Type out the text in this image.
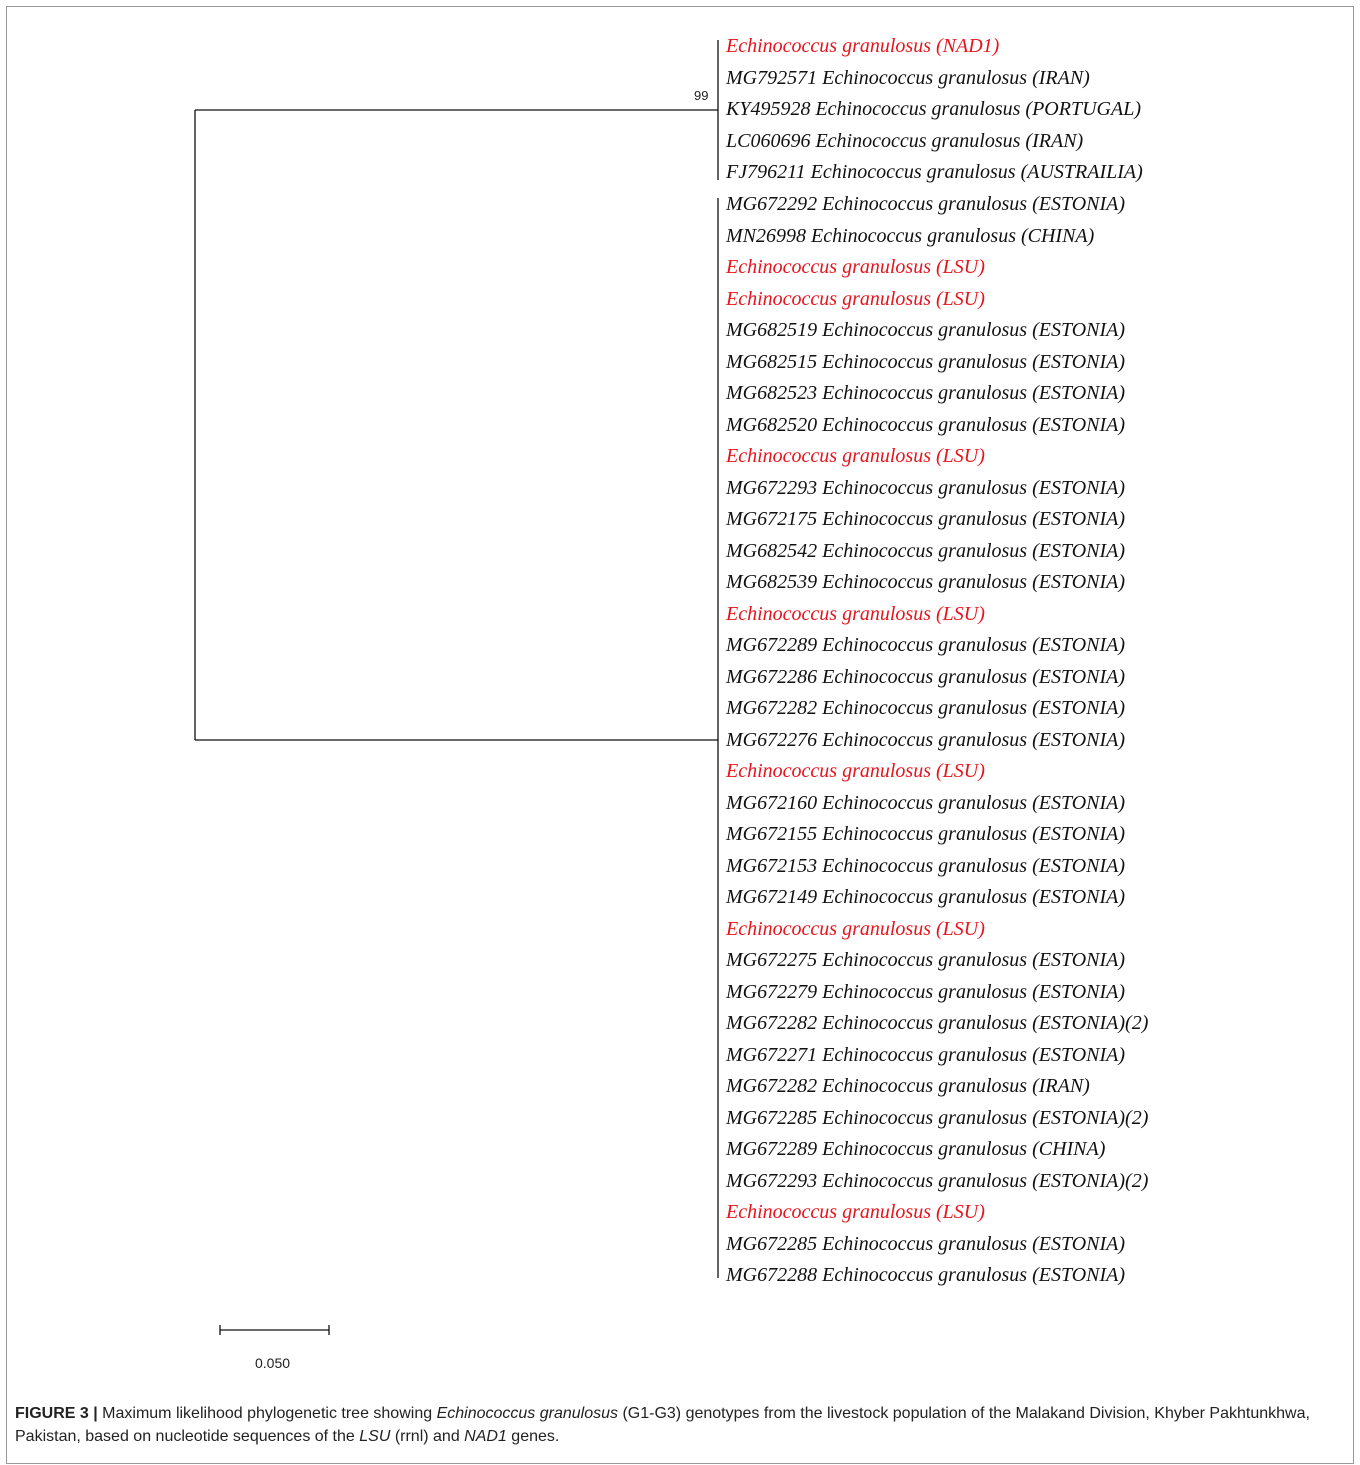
99
Echinococcus granulosus (NAD1)
MG792571 Echinococcus granulosus (IRAN)
KY495928 Echinococcus granulosus (PORTUGAL)
LC060696 Echinococcus granulosus (IRAN)
FJ796211 Echinococcus granulosus (AUSTRAILIA)
MG672292 Echinococcus granulosus (ESTONIA)
MN26998 Echinococcus granulosus (CHINA)
Echinococcus granulosus (LSU)
Echinococcus granulosus (LSU)
MG682519 Echinococcus granulosus (ESTONIA)
MG682515 Echinococcus granulosus (ESTONIA)
MG682523 Echinococcus granulosus (ESTONIA)
MG682520 Echinococcus granulosus (ESTONIA)
Echinococcus granulosus (LSU)
MG672293 Echinococcus granulosus (ESTONIA)
MG672175 Echinococcus granulosus (ESTONIA)
MG682542 Echinococcus granulosus (ESTONIA)
MG682539 Echinococcus granulosus (ESTONIA)
Echinococcus granulosus (LSU)
MG672289 Echinococcus granulosus (ESTONIA)
MG672286 Echinococcus granulosus (ESTONIA)
MG672282 Echinococcus granulosus (ESTONIA)
MG672276 Echinococcus granulosus (ESTONIA)
Echinococcus granulosus (LSU)
MG672160 Echinococcus granulosus (ESTONIA)
MG672155 Echinococcus granulosus (ESTONIA)
MG672153 Echinococcus granulosus (ESTONIA)
MG672149 Echinococcus granulosus (ESTONIA)
Echinococcus granulosus (LSU)
MG672275 Echinococcus granulosus (ESTONIA)
MG672279 Echinococcus granulosus (ESTONIA)
MG672282 Echinococcus granulosus (ESTONIA)(2)
MG672271 Echinococcus granulosus (ESTONIA)
MG672282 Echinococcus granulosus (IRAN)
MG672285 Echinococcus granulosus (ESTONIA)(2)
MG672289 Echinococcus granulosus (CHINA)
MG672293 Echinococcus granulosus (ESTONIA)(2)
Echinococcus granulosus (LSU)
MG672285 Echinococcus granulosus (ESTONIA)
MG672288 Echinococcus granulosus (ESTONIA)
0.050
FIGURE 3 | Maximum likelihood phylogenetic tree showing Echinococcus granulosus (G1-G3) genotypes from the livestock population of the Malakand Division, Khyber Pakhtunkhwa, Pakistan, based on nucleotide sequences of the LSU (rrnl) and NAD1 genes.
